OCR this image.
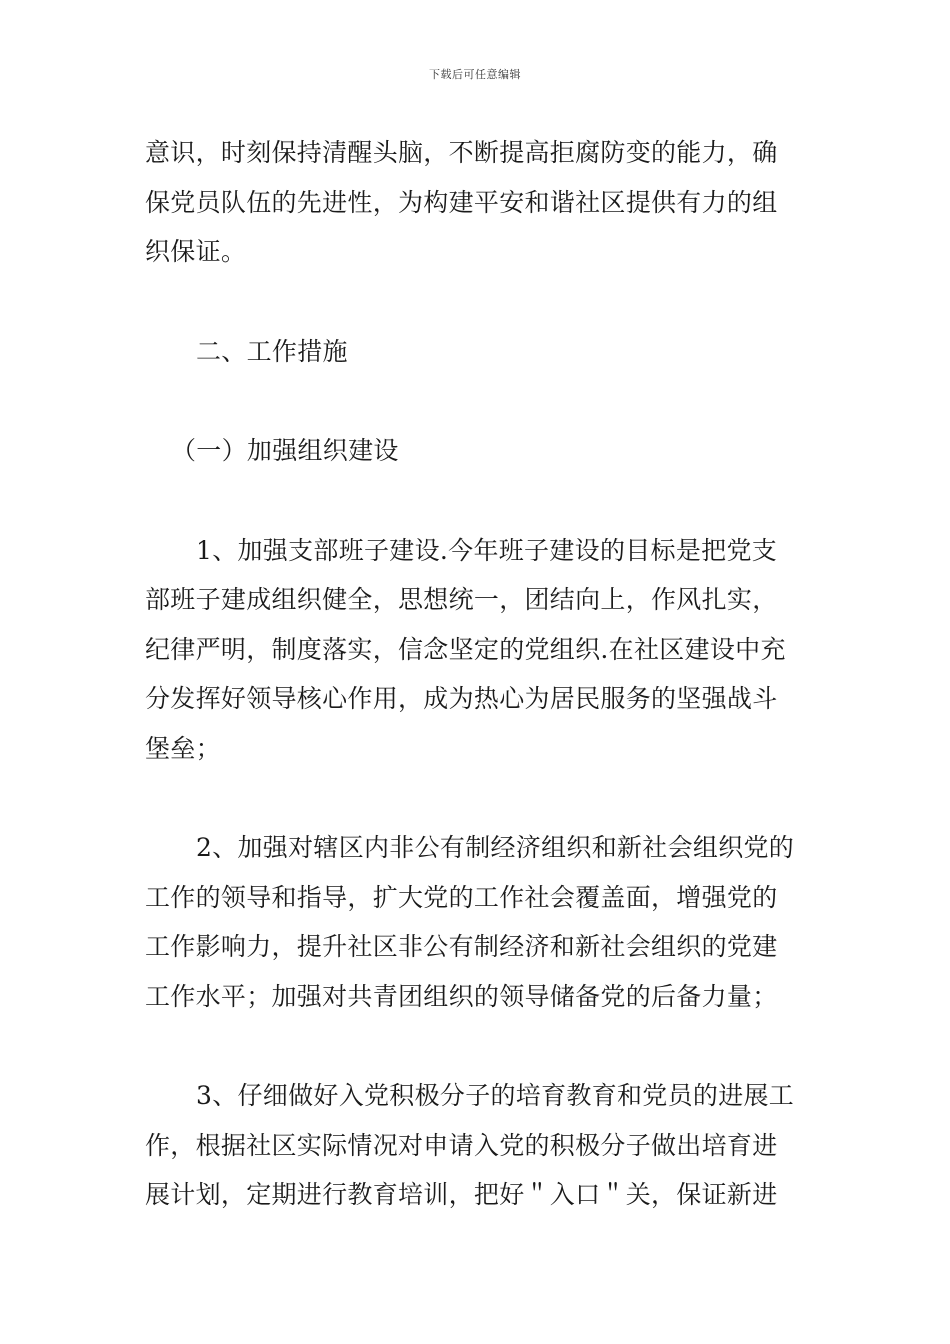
下载后可任意编辑
意识，时刻保持清醒头脑，不断提高拒腐防变的能力，确
保党员队伍的先进性，为构建平安和谐社区提供有力的组
织保证。
二、工作措施
（一）加强组织建设
1、加强支部班子建设.今年班子建设的目标是把党支
部班子建成组织健全，思想统一，团结向上，作风扎实，
纪律严明，制度落实，信念坚定的党组织.在社区建设中充
分发挥好领导核心作用，成为热心为居民服务的坚强战斗
堡垒；
2、加强对辖区内非公有制经济组织和新社会组织党的
工作的领导和指导，扩大党的工作社会覆盖面，增强党的
工作影响力，提升社区非公有制经济和新社会组织的党建
工作水平；加强对共青团组织的领导储备党的后备力量；
3、仔细做好入党积极分子的培育教育和党员的进展工
作，根据社区实际情况对申请入党的积极分子做出培育进
展计划，定期进行教育培训，把好＂入口＂关，保证新进
